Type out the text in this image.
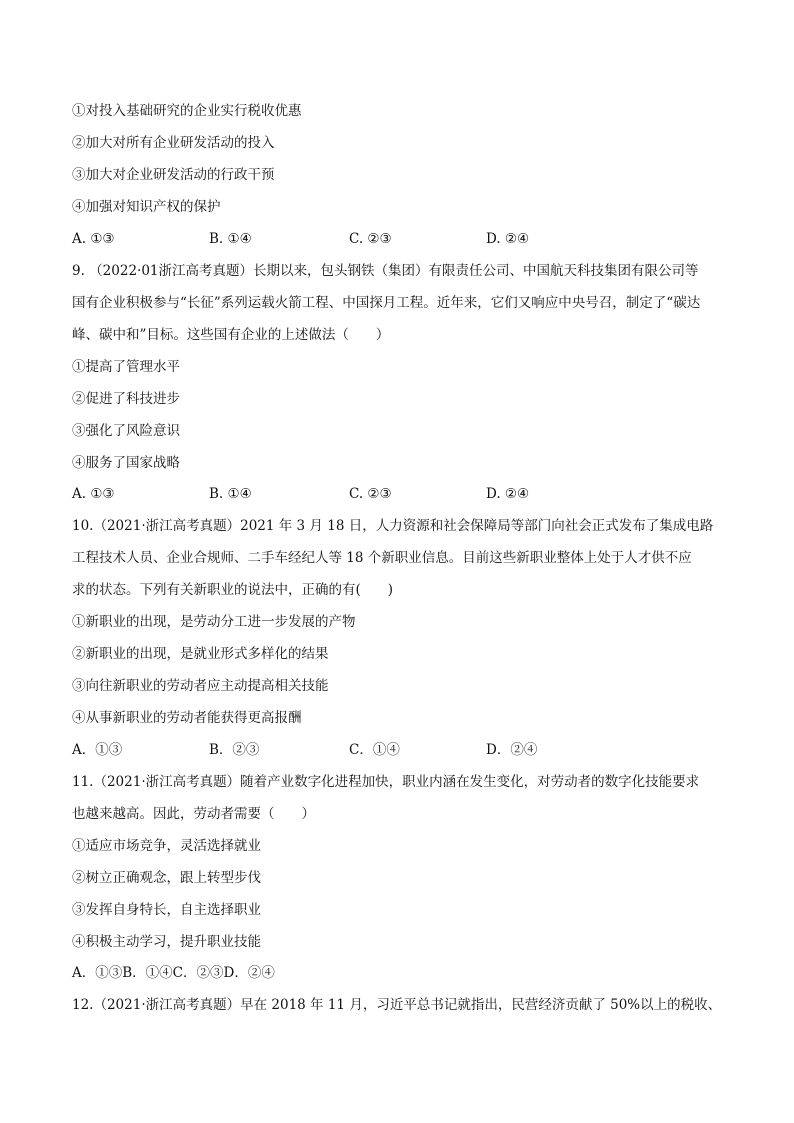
①对投入基础研究的企业实行税收优惠
②加大对所有企业研发活动的投入
③加大对企业研发活动的行政干预
④加强对知识产权的保护
A. ①③	B. ①④	C. ②③	D. ②④
9. （2022·01浙江高考真题）长期以来，包头钢铁（集团）有限责任公司、中国航天科技集团有限公司等
国有企业积极参与“长征”系列运载火箭工程、中国探月工程。近年来，它们又响应中央号召，制定了“碳达
峰、碳中和”目标。这些国有企业的上述做法（　　）
①提高了管理水平
②促进了科技进步
③强化了风险意识
④服务了国家战略
A. ①③	B. ①④	C. ②③	D. ②④
10.（2021·浙江高考真题）2021 年 3 月 18 日，人力资源和社会保障局等部门向社会正式发布了集成电路
工程技术人员、企业合规师、二手车经纪人等 18 个新职业信息。目前这些新职业整体上处于人才供不应
求的状态。下列有关新职业的说法中，正确的有(　　)
①新职业的出现，是劳动分工进一步发展的产物
②新职业的出现，是就业形式多样化的结果
③向往新职业的劳动者应主动提高相关技能
④从事新职业的劳动者能获得更高报酬
A．①③	B．②③	C．①④	D．②④
11.（2021·浙江高考真题）随着产业数字化进程加快，职业内涵在发生变化，对劳动者的数字化技能要求
也越来越高。因此，劳动者需要（　　）
①适应市场竞争，灵活选择就业
②树立正确观念，跟上转型步伐
③发挥自身特长，自主选择职业
④积极主动学习，提升职业技能
A．①③B．①④C．②③D．②④
12.（2021·浙江高考真题）早在 2018 年 11 月，习近平总书记就指出，民营经济贡献了 50%以上的税收、
